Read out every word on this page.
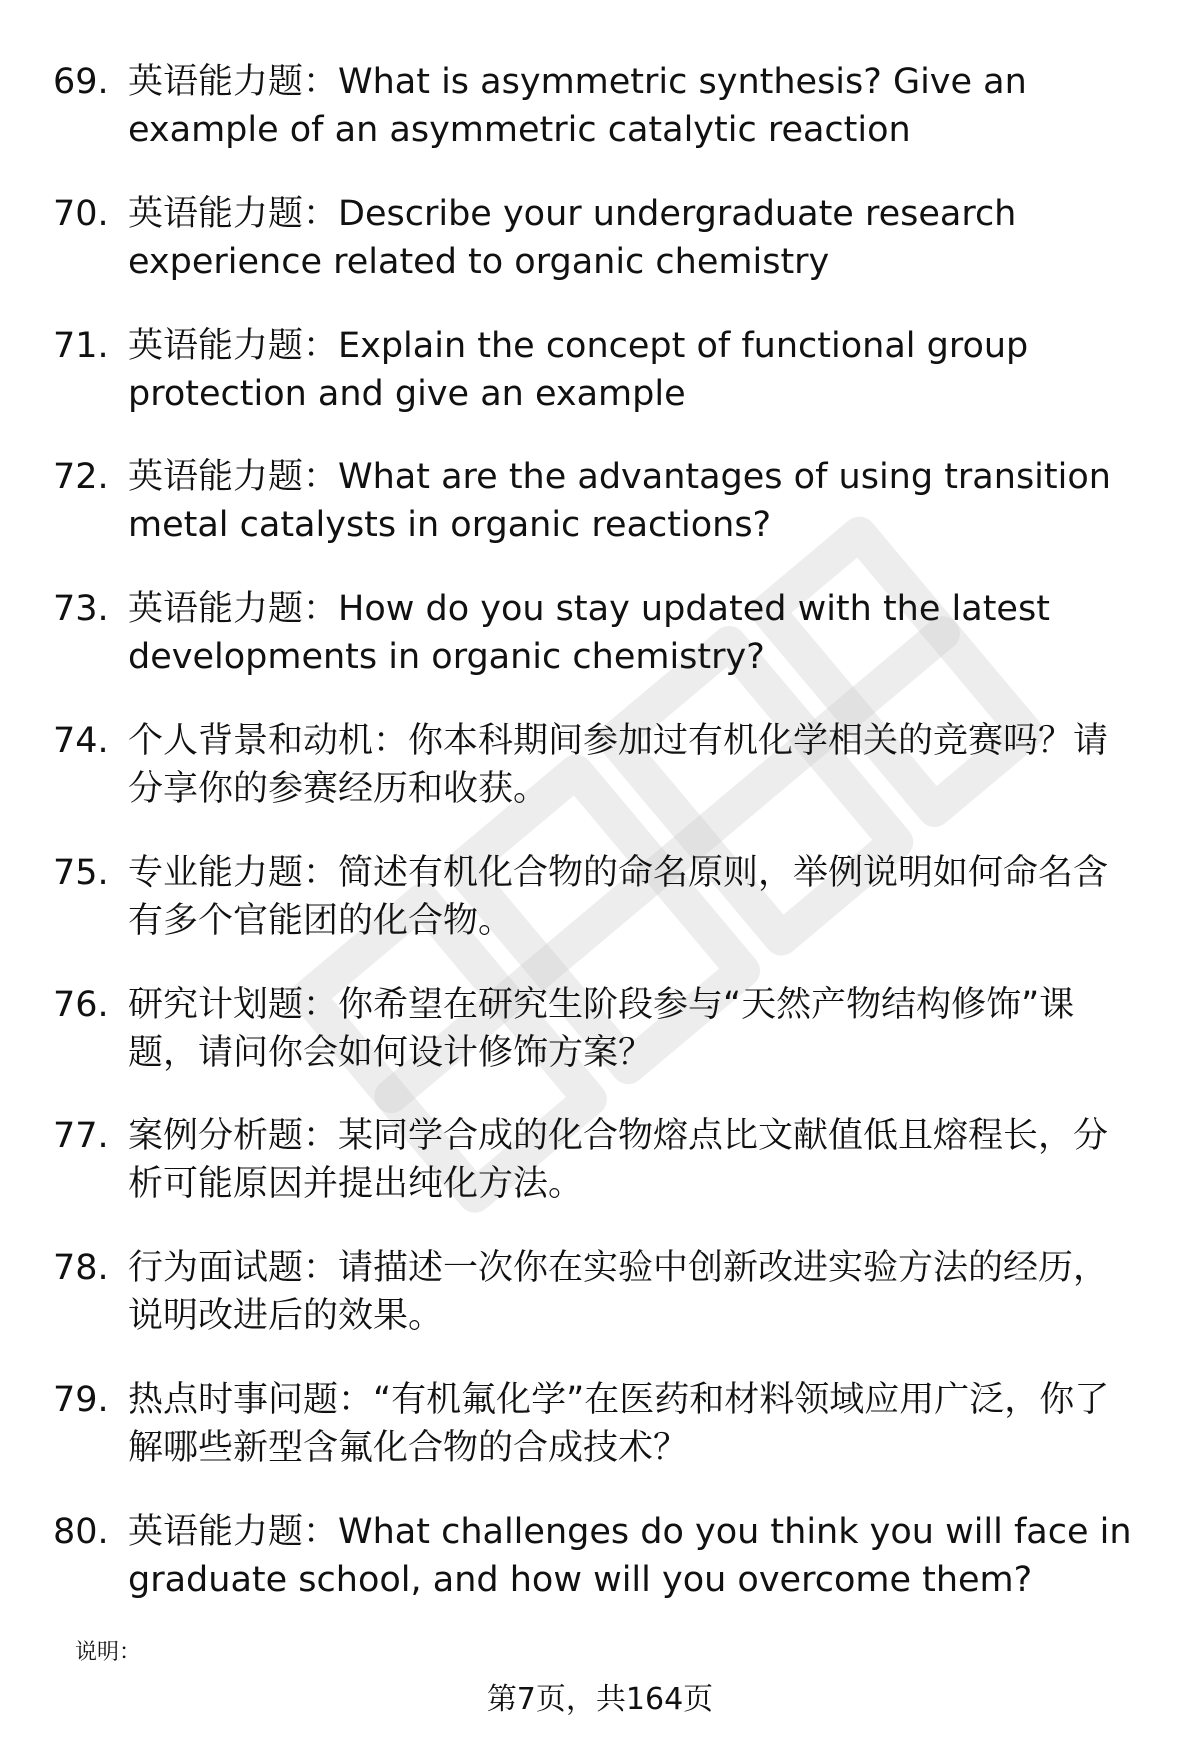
69. 英语能力题：What is asymmetric synthesis? Give an example of an asymmetric catalytic reaction
70. 英语能力题：Describe your undergraduate research experience related to organic chemistry
71. 英语能力题：Explain the concept of functional group protection and give an example
72. 英语能力题：What are the advantages of using transition metal catalysts in organic reactions?
73. 英语能力题：How do you stay updated with the latest developments in organic chemistry?
74. 个人背景和动机：你本科期间参加过有机化学相关的竞赛吗？请分享你的参赛经历和收获。
75. 专业能力题：简述有机化合物的命名原则，举例说明如何命名含有多个官能团的化合物。
76. 研究计划题：你希望在研究生阶段参与“天然产物结构修饰”课题，请问你会如何设计修饰方案？
77. 案例分析题：某同学合成的化合物熔点比文献值低且熔程长，分析可能原因并提出纯化方法。
78. 行为面试题：请描述一次你在实验中创新改进实验方法的经历，说明改进后的效果。
79. 热点时事问题：“有机氟化学”在医药和材料领域应用广泛，你了解哪些新型含氟化合物的合成技术？
80. 英语能力题：What challenges do you think you will face in graduate school, and how will you overcome them?
说明：
第7页，共164页
